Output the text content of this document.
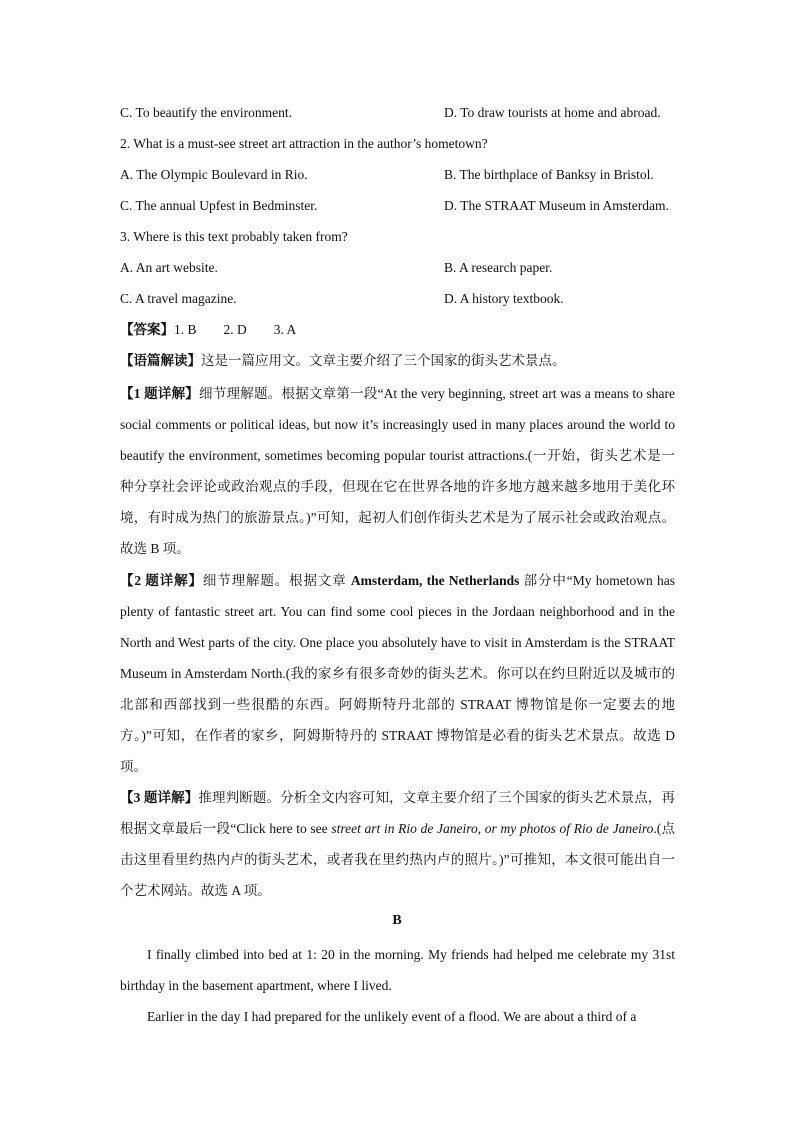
C. To beautify the environment.	D. To draw tourists at home and abroad.
2. What is a must-see street art attraction in the author’s hometown?
A. The Olympic Boulevard in Rio.	B. The birthplace of Banksy in Bristol.
C. The annual Upfest in Bedminster.	D. The STRAAT Museum in Amsterdam.
3. Where is this text probably taken from?
A. An art website.	B. A research paper.
C. A travel magazine.	D. A history textbook.
【答案】1. B　　2. D　　3. A
【语篇解读】这是一篇应用文。文章主要介绍了三个国家的街头艺术景点。
【1 题详解】细节理解题。根据文章第一段“At the very beginning, street art was a means to share social comments or political ideas, but now it’s increasingly used in many places around the world to beautify the environment, sometimes becoming popular tourist attractions.(一开始，街头艺术是一种分享社会评论或政治观点的手段，但现在它在世界各地的许多地方越来越多地用于美化环境，有时成为热门的旅游景点。)”可知，起初人们创作街头艺术是为了展示社会或政治观点。故选 B 项。
【2 题详解】细节理解题。根据文章 Amsterdam, the Netherlands 部分中“My hometown has plenty of fantastic street art. You can find some cool pieces in the Jordaan neighborhood and in the North and West parts of the city. One place you absolutely have to visit in Amsterdam is the STRAAT Museum in Amsterdam North.(我的家乡有很多奇妙的街头艺术。你可以在约旦附近以及城市的北部和西部找到一些很酷的东西。阿姆斯特丹北部的 STRAAT 博物馆是你一定要去的地方。)”可知，在作者的家乡，阿姆斯特丹的 STRAAT 博物馆是必看的街头艺术景点。故选 D 项。
【3 题详解】推理判断题。分析全文内容可知，文章主要介绍了三个国家的街头艺术景点，再根据文章最后一段“Click here to see street art in Rio de Janeiro, or my photos of Rio de Janeiro.(点击这里看里约热内卢的街头艺术，或者我在里约热内卢的照片。)”可推知，本文很可能出自一个艺术网站。故选 A 项。
B
I finally climbed into bed at 1: 20 in the morning. My friends had helped me celebrate my 31st birthday in the basement apartment, where I lived.
Earlier in the day I had prepared for the unlikely event of a flood. We are about a third of a
